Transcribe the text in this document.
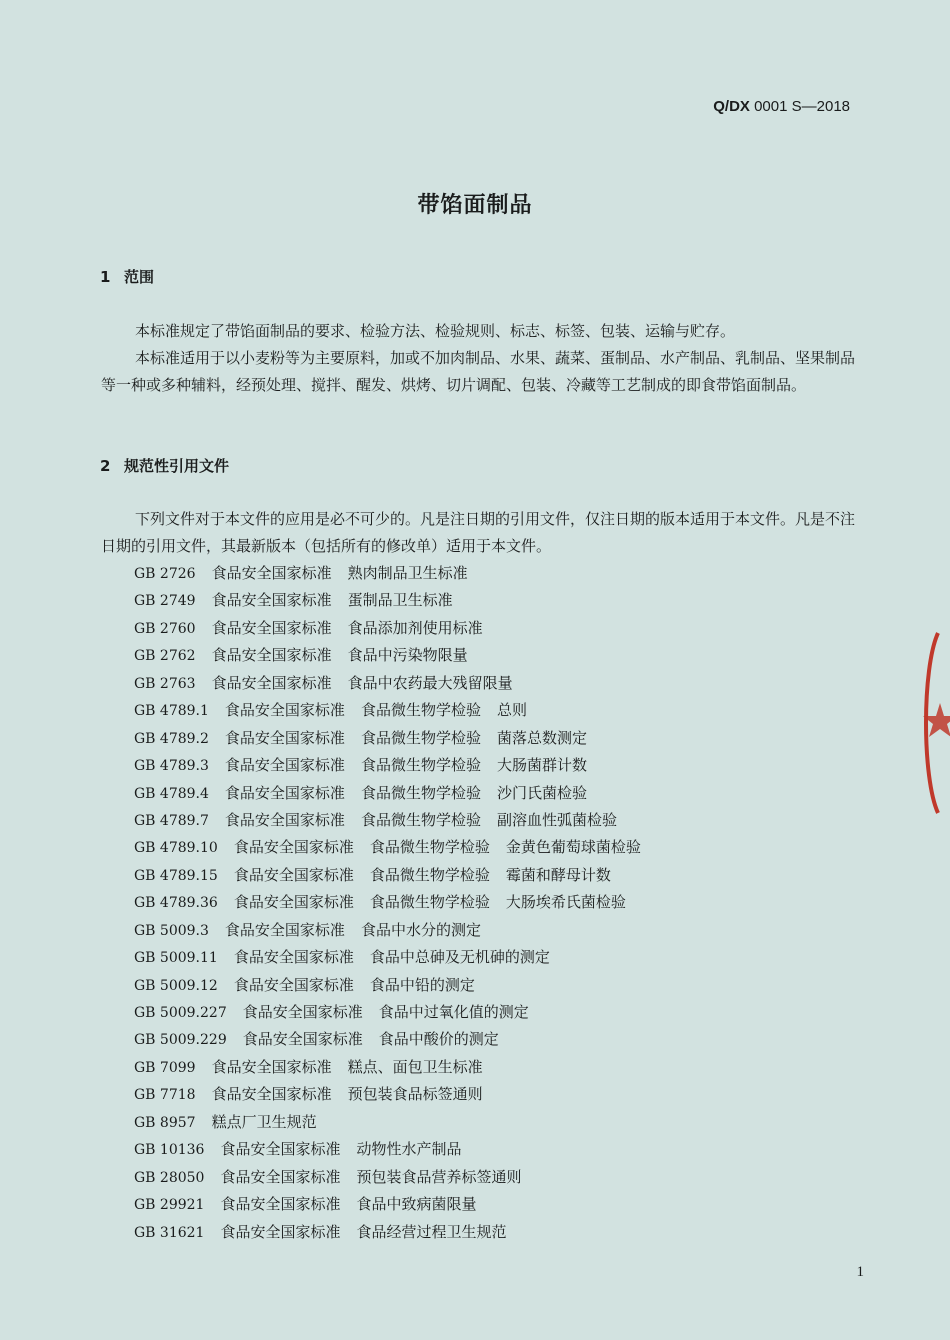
Q/DX 0001 S—2018
带馅面制品
1 范围

本标准规定了带馅面制品的要求、检验方法、检验规则、标志、标签、包装、运输与贮存。

本标准适用于以小麦粉等为主要原料，加或不加肉制品、水果、蔬菜、蛋制品、水产制品、乳制品、坚果制品等一种或多种辅料，经预处理、搅拌、醒发、烘烤、切片调配、包装、冷藏等工艺制成的即食带馅面制品。

2 规范性引用文件

下列文件对于本文件的应用是必不可少的。凡是注日期的引用文件，仅注日期的版本适用于本文件。凡是不注日期的引用文件，其最新版本（包括所有的修改单）适用于本文件。

GB 2726 食品安全国家标准 熟肉制品卫生标准
GB 2749 食品安全国家标准 蛋制品卫生标准
GB 2760 食品安全国家标准 食品添加剂使用标准
GB 2762 食品安全国家标准 食品中污染物限量
GB 2763 食品安全国家标准 食品中农药最大残留限量
GB 4789.1 食品安全国家标准 食品微生物学检验 总则
GB 4789.2 食品安全国家标准 食品微生物学检验 菌落总数测定
GB 4789.3 食品安全国家标准 食品微生物学检验 大肠菌群计数
GB 4789.4 食品安全国家标准 食品微生物学检验 沙门氏菌检验
GB 4789.7 食品安全国家标准 食品微生物学检验 副溶血性弧菌检验
GB 4789.10 食品安全国家标准 食品微生物学检验 金黄色葡萄球菌检验
GB 4789.15 食品安全国家标准 食品微生物学检验 霉菌和酵母计数
GB 4789.36 食品安全国家标准 食品微生物学检验 大肠埃希氏菌检验
GB 5009.3 食品安全国家标准 食品中水分的测定
GB 5009.11 食品安全国家标准 食品中总砷及无机砷的测定
GB 5009.12 食品安全国家标准 食品中铅的测定
GB 5009.227 食品安全国家标准 食品中过氧化值的测定
GB 5009.229 食品安全国家标准 食品中酸价的测定
GB 7099 食品安全国家标准 糕点、面包卫生标准
GB 7718 食品安全国家标准 预包装食品标签通则
GB 8957 糕点厂卫生规范
GB 10136 食品安全国家标准 动物性水产制品
GB 28050 食品安全国家标准 预包装食品营养标签通则
GB 29921 食品安全国家标准 食品中致病菌限量
GB 31621 食品安全国家标准 食品经营过程卫生规范
1
